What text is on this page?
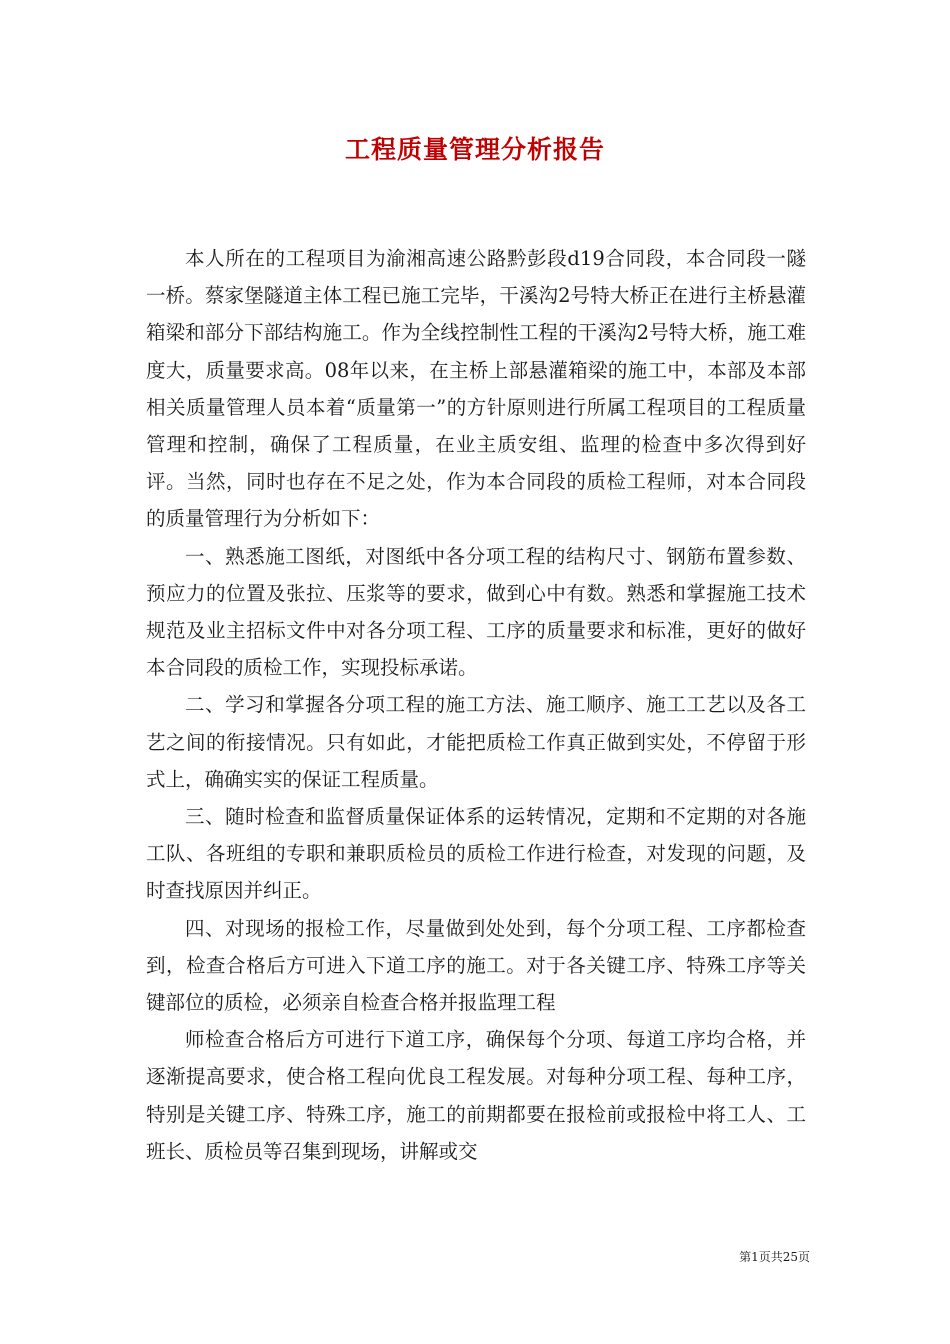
工程质量管理分析报告

本人所在的工程项目为渝湘高速公路黔彭段d19合同段，本合同段一隧一桥。蔡家堡隧道主体工程已施工完毕，干溪沟2号特大桥正在进行主桥悬灌箱梁和部分下部结构施工。作为全线控制性工程的干溪沟2号特大桥，施工难度大，质量要求高。08年以来，在主桥上部悬灌箱梁的施工中，本部及本部相关质量管理人员本着“质量第一”的方针原则进行所属工程项目的工程质量管理和控制，确保了工程质量，在业主质安组、监理的检查中多次得到好评。当然，同时也存在不足之处，作为本合同段的质检工程师，对本合同段的质量管理行为分析如下：

一、熟悉施工图纸，对图纸中各分项工程的结构尺寸、钢筋布置参数、预应力的位置及张拉、压浆等的要求，做到心中有数。熟悉和掌握施工技术规范及业主招标文件中对各分项工程、工序的质量要求和标准，更好的做好本合同段的质检工作，实现投标承诺。

二、学习和掌握各分项工程的施工方法、施工顺序、施工工艺以及各工艺之间的衔接情况。只有如此，才能把质检工作真正做到实处，不停留于形式上，确确实实的保证工程质量。

三、随时检查和监督质量保证体系的运转情况，定期和不定期的对各施工队、各班组的专职和兼职质检员的质检工作进行检查，对发现的问题，及时查找原因并纠正。

四、对现场的报检工作，尽量做到处处到，每个分项工程、工序都检查到，检查合格后方可进入下道工序的施工。对于各关键工序、特殊工序等关键部位的质检，必须亲自检查合格并报监理工程

师检查合格后方可进行下道工序，确保每个分项、每道工序均合格，并逐渐提高要求，使合格工程向优良工程发展。对每种分项工程、每种工序，特别是关键工序、特殊工序，施工的前期都要在报检前或报检中将工人、工班长、质检员等召集到现场，讲解或交

第1页共25页
